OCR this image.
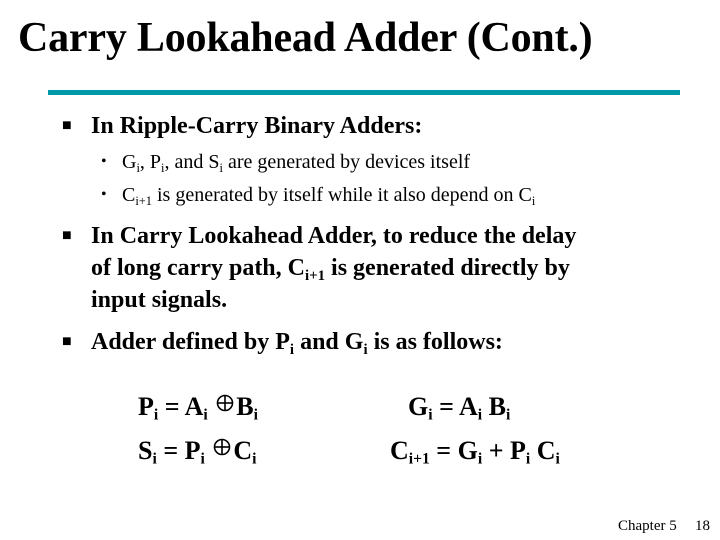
Carry Lookahead Adder (Cont.)
■ In Ripple-Carry Binary Adders:
• $G_i$, $P_i$, and $S_i$ are generated by devices itself
• $C_{i+1}$ is generated by itself while it also depend on $C_i$
■ In Carry Lookahead Adder, to reduce the delay
of long carry path, $C_{i+1}$ is generated directly by
input signals.
■ Adder defined by $P_i$ and $G_i$ is as follows:
$P_i = A_i$ $B_i$
$S_i = P_i$ $C_i$
$G_i = A_i$ $B_i$
$C_{i+1} = G_i + P_i$ $C_i$
Chapter 5 18
